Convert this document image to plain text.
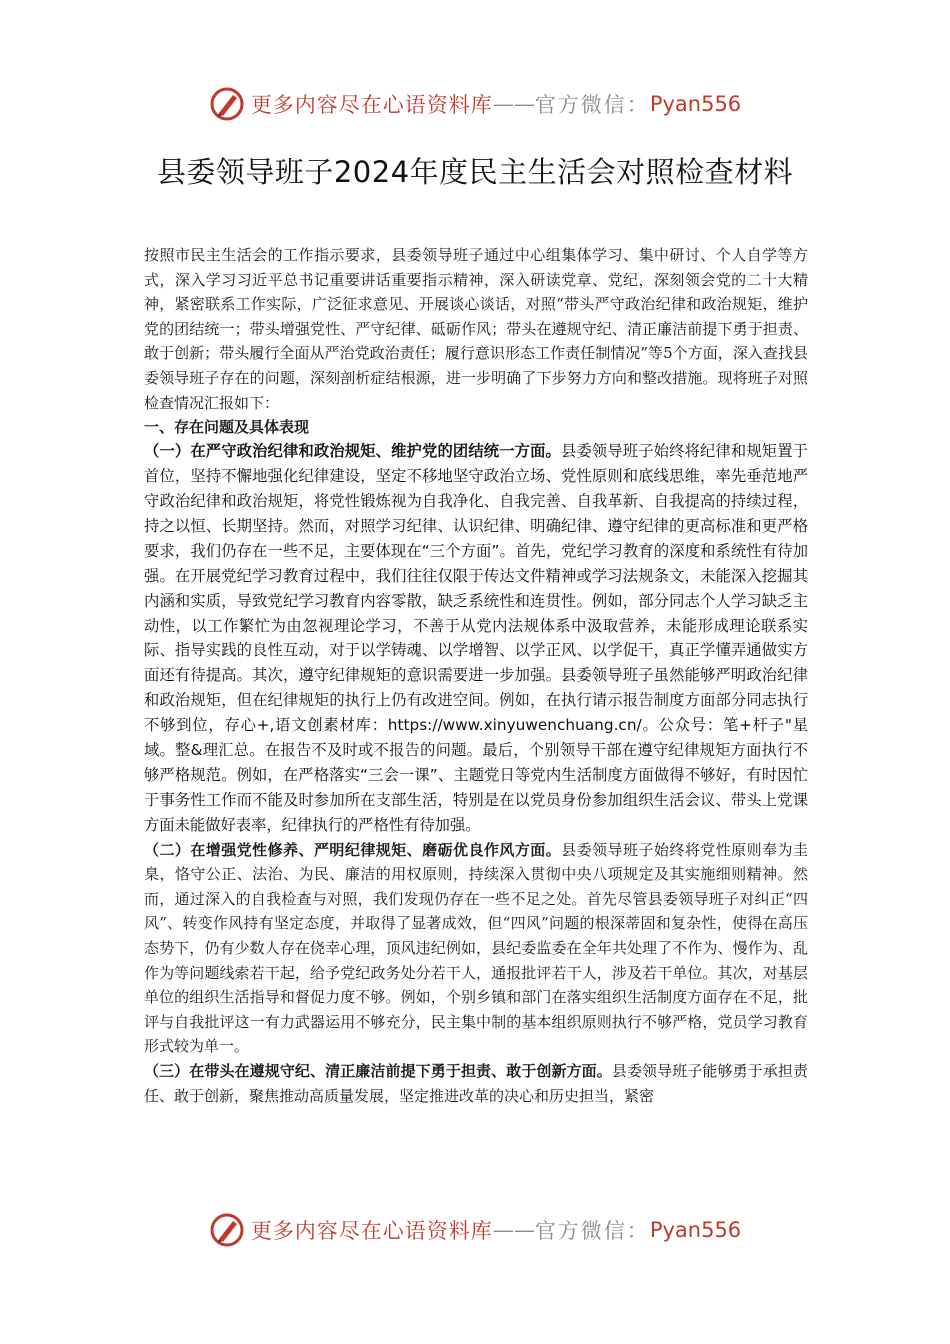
更多内容尽在心语资料库 —— 官方微信： Pyan556
县委领导班子2024年度民主生活会对照检查材料

按照市民主生活会的工作指示要求，县委领导班子通过中心组集体学习、集中研讨、个人自学等方式，深入学习习近平总书记重要讲话重要指示精神，深入研读党章、党纪，深刻领会党的二十大精神，紧密联系工作实际，广泛征求意见、开展谈心谈话，对照“带头严守政治纪律和政治规矩，维护党的团结统一；带头增强党性、严守纪律、砥砺作风；带头在遵规守纪、清正廉洁前提下勇于担责、敢于创新；带头履行全面从严治党政治责任；履行意识形态工作责任制情况”等5个方面，深入查找县委领导班子存在的问题，深刻剖析症结根源，进一步明确了下步努力方向和整改措施。现将班子对照检查情况汇报如下：

一、存在问题及具体表现

（一）在严守政治纪律和政治规矩、维护党的团结统一方面。县委领导班子始终将纪律和规矩置于首位，坚持不懈地强化纪律建设，坚定不移地坚守政治立场、党性原则和底线思维，率先垂范地严守政治纪律和政治规矩，将党性锻炼视为自我净化、自我完善、自我革新、自我提高的持续过程，持之以恒、长期坚持。然而，对照学习纪律、认识纪律、明确纪律、遵守纪律的更高标准和更严格要求，我们仍存在一些不足，主要体现在“三个方面”。首先，党纪学习教育的深度和系统性有待加强。在开展党纪学习教育过程中，我们往往仅限于传达文件精神或学习法规条文，未能深入挖掘其内涵和实质，导致党纪学习教育内容零散，缺乏系统性和连贯性。例如，部分同志个人学习缺乏主动性，以工作繁忙为由忽视理论学习，不善于从党内法规体系中汲取营养，未能形成理论联系实际、指导实践的良性互动，对于以学铸魂、以学增智、以学正风、以学促干，真正学懂弄通做实方面还有待提高。其次，遵守纪律规矩的意识需要进一步加强。县委领导班子虽然能够严明政治纪律和政治规矩，但在纪律规矩的执行上仍有改进空间。例如，在执行请示报告制度方面部分同志执行不够到位，存心+,语文创素材库：https://www.xinyuwenchuang.cn/。公众号：笔+杆子"星域。整&理汇总。在报告不及时或不报告的问题。最后，个别领导干部在遵守纪律规矩方面执行不够严格规范。例如，在严格落实“三会一课”、主题党日等党内生活制度方面做得不够好，有时因忙于事务性工作而不能及时参加所在支部生活，特别是在以党员身份参加组织生活会议、带头上党课方面未能做好表率，纪律执行的严格性有待加强。

（二）在增强党性修养、严明纪律规矩、磨砺优良作风方面。县委领导班子始终将党性原则奉为圭臬，恪守公正、法治、为民、廉洁的用权原则，持续深入贯彻中央八项规定及其实施细则精神。然而，通过深入的自我检查与对照，我们发现仍存在一些不足之处。首先尽管县委领导班子对纠正“四风”、转变作风持有坚定态度，并取得了显著成效，但“四风”问题的根深蒂固和复杂性，使得在高压态势下，仍有少数人存在侥幸心理，顶风违纪例如，县纪委监委在全年共处理了不作为、慢作为、乱作为等问题线索若干起，给予党纪政务处分若干人，通报批评若干人，涉及若干单位。其次，对基层单位的组织生活指导和督促力度不够。例如，个别乡镇和部门在落实组织生活制度方面存在不足，批评与自我批评这一有力武器运用不够充分，民主集中制的基本组织原则执行不够严格，党员学习教育形式较为单一。

（三）在带头在遵规守纪、清正廉洁前提下勇于担责、敢于创新方面。县委领导班子能够勇于承担责任、敢于创新，聚焦推动高质量发展，坚定推进改革的决心和历史担当，紧密

更多内容尽在心语资料库 —— 官方微信： Pyan556
